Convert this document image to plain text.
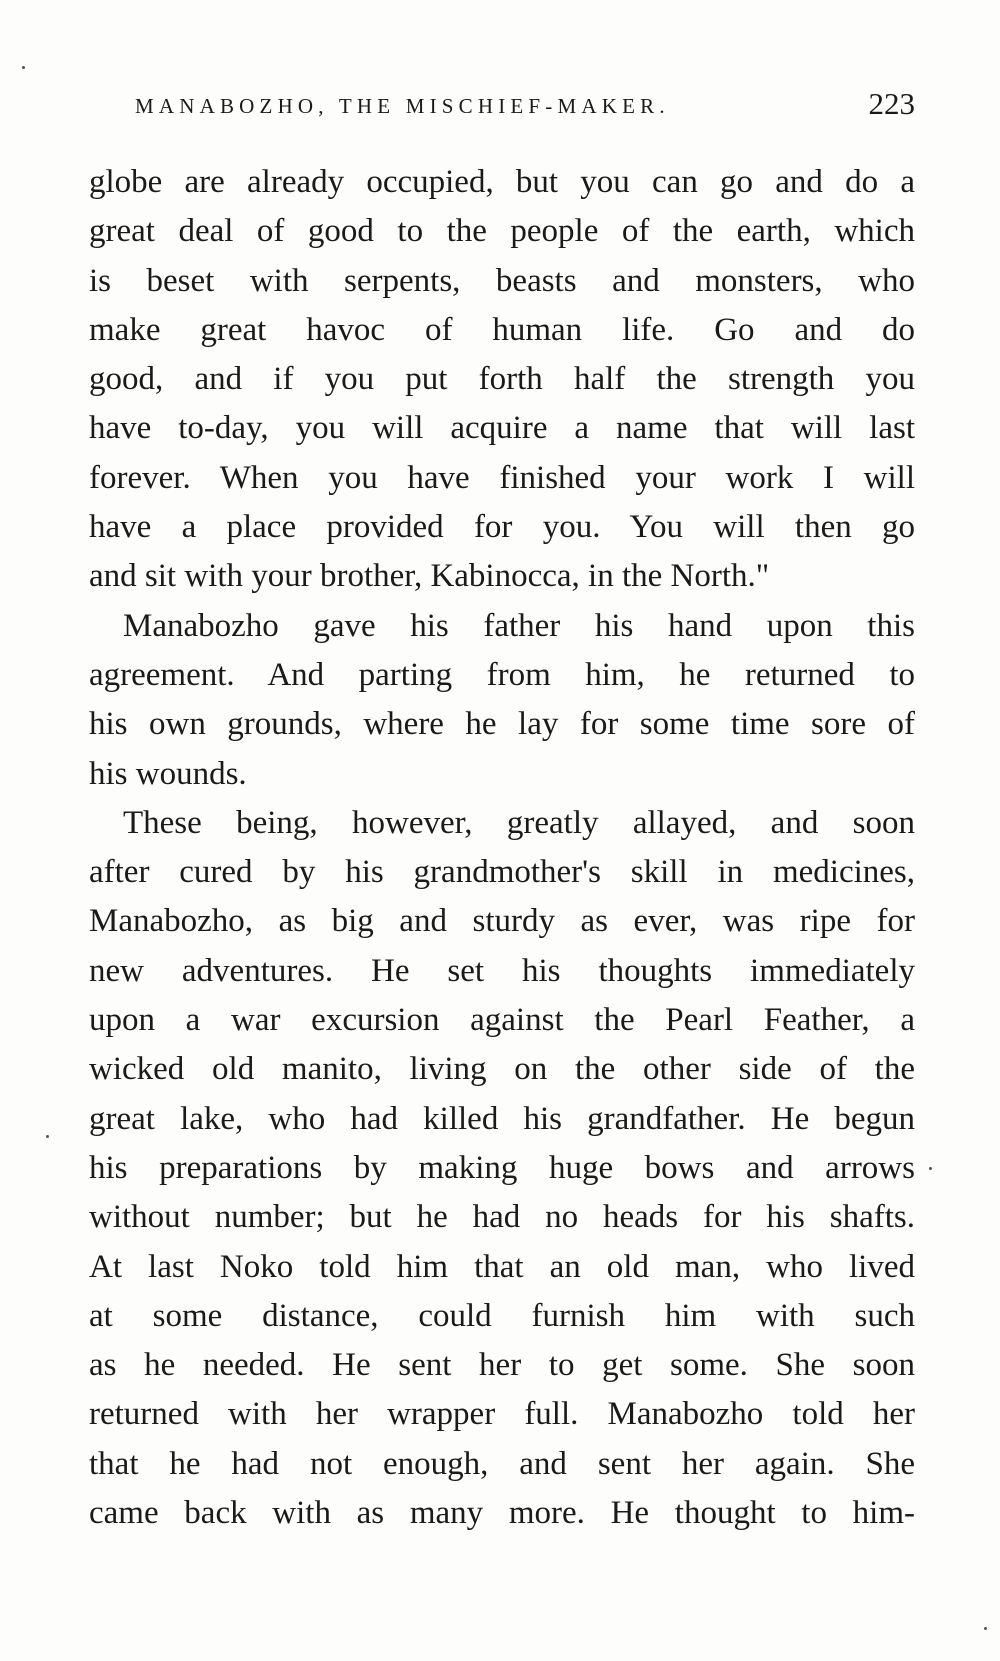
MANABOZHO, THE MISCHIEF-MAKER.	223
globe are already occupied, but you can go and do a
great deal of good to the people of the earth, which
is beset with serpents, beasts and monsters, who
make great havoc of human life. Go and do
good, and if you put forth half the strength you
have to-day, you will acquire a name that will last
forever. When you have finished your work I will
have a place provided for you. You will then go
and sit with your brother, Kabinocca, in the North."
Manabozho gave his father his hand upon this
agreement. And parting from him, he returned to
his own grounds, where he lay for some time sore of
his wounds.
These being, however, greatly allayed, and soon
after cured by his grandmother's skill in medicines,
Manabozho, as big and sturdy as ever, was ripe for
new adventures. He set his thoughts immediately
upon a war excursion against the Pearl Feather, a
wicked old manito, living on the other side of the
great lake, who had killed his grandfather. He begun
his preparations by making huge bows and arrows
without number; but he had no heads for his shafts.
At last Noko told him that an old man, who lived
at some distance, could furnish him with such
as he needed. He sent her to get some. She soon
returned with her wrapper full. Manabozho told her
that he had not enough, and sent her again. She
came back with as many more. He thought to him-
